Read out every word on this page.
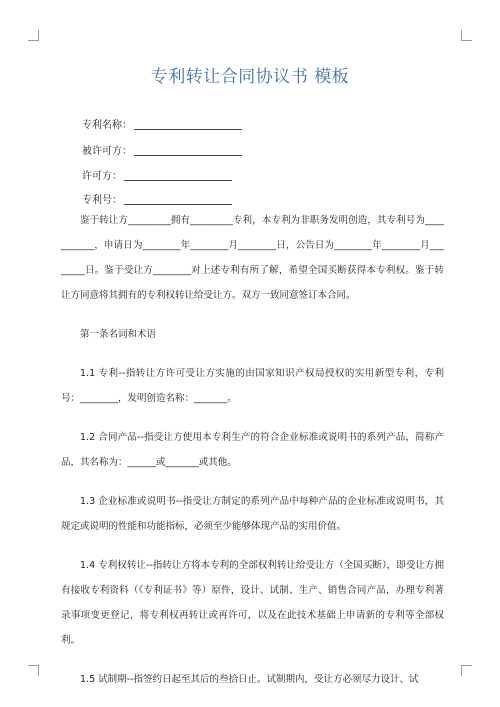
专利转让合同协议书 模板
专利名称：
被许可方：
许可方：
专利号：

鉴于转让方_________拥有_________专利，本专利为非职务发明创造，其专利号为___________，申请日为________年________月________日，公告日为________年________月________日。鉴于受让方________对上述专利有所了解，希望全国买断获得本专利权。鉴于转让方同意将其拥有的专利权转让给受让方。双方一致同意签订本合同。

第一条名词和术语

1.1 专利--指转让方许可受让方实施的由国家知识产权局授权的实用新型专利，专利号：________，发明创造名称：_______。

1.2 合同产品--指受让方使用本专利生产的符合企业标准或说明书的系列产品，简称产品，其名称为：______或_______或其他。

1.3 企业标准或说明书--指受让方制定的系列产品中每种产品的企业标准或说明书，其规定或说明的性能和功能指标，必须至少能够体现产品的实用价值。

1.4 专利权转让--指转让方将本专利的全部权利转让给受让方（全国买断），即受让方拥有接收专利资料（《专利证书》等）原件，设计、试制、生产、销售合同产品，办理专利著录事项变更登记，将专利权再转让或再许可，以及在此技术基础上申请新的专利等全部权利。

1.5 试制期--指签约日起至其后的叁拾日止。试制期内，受让方必须尽力设计、试
